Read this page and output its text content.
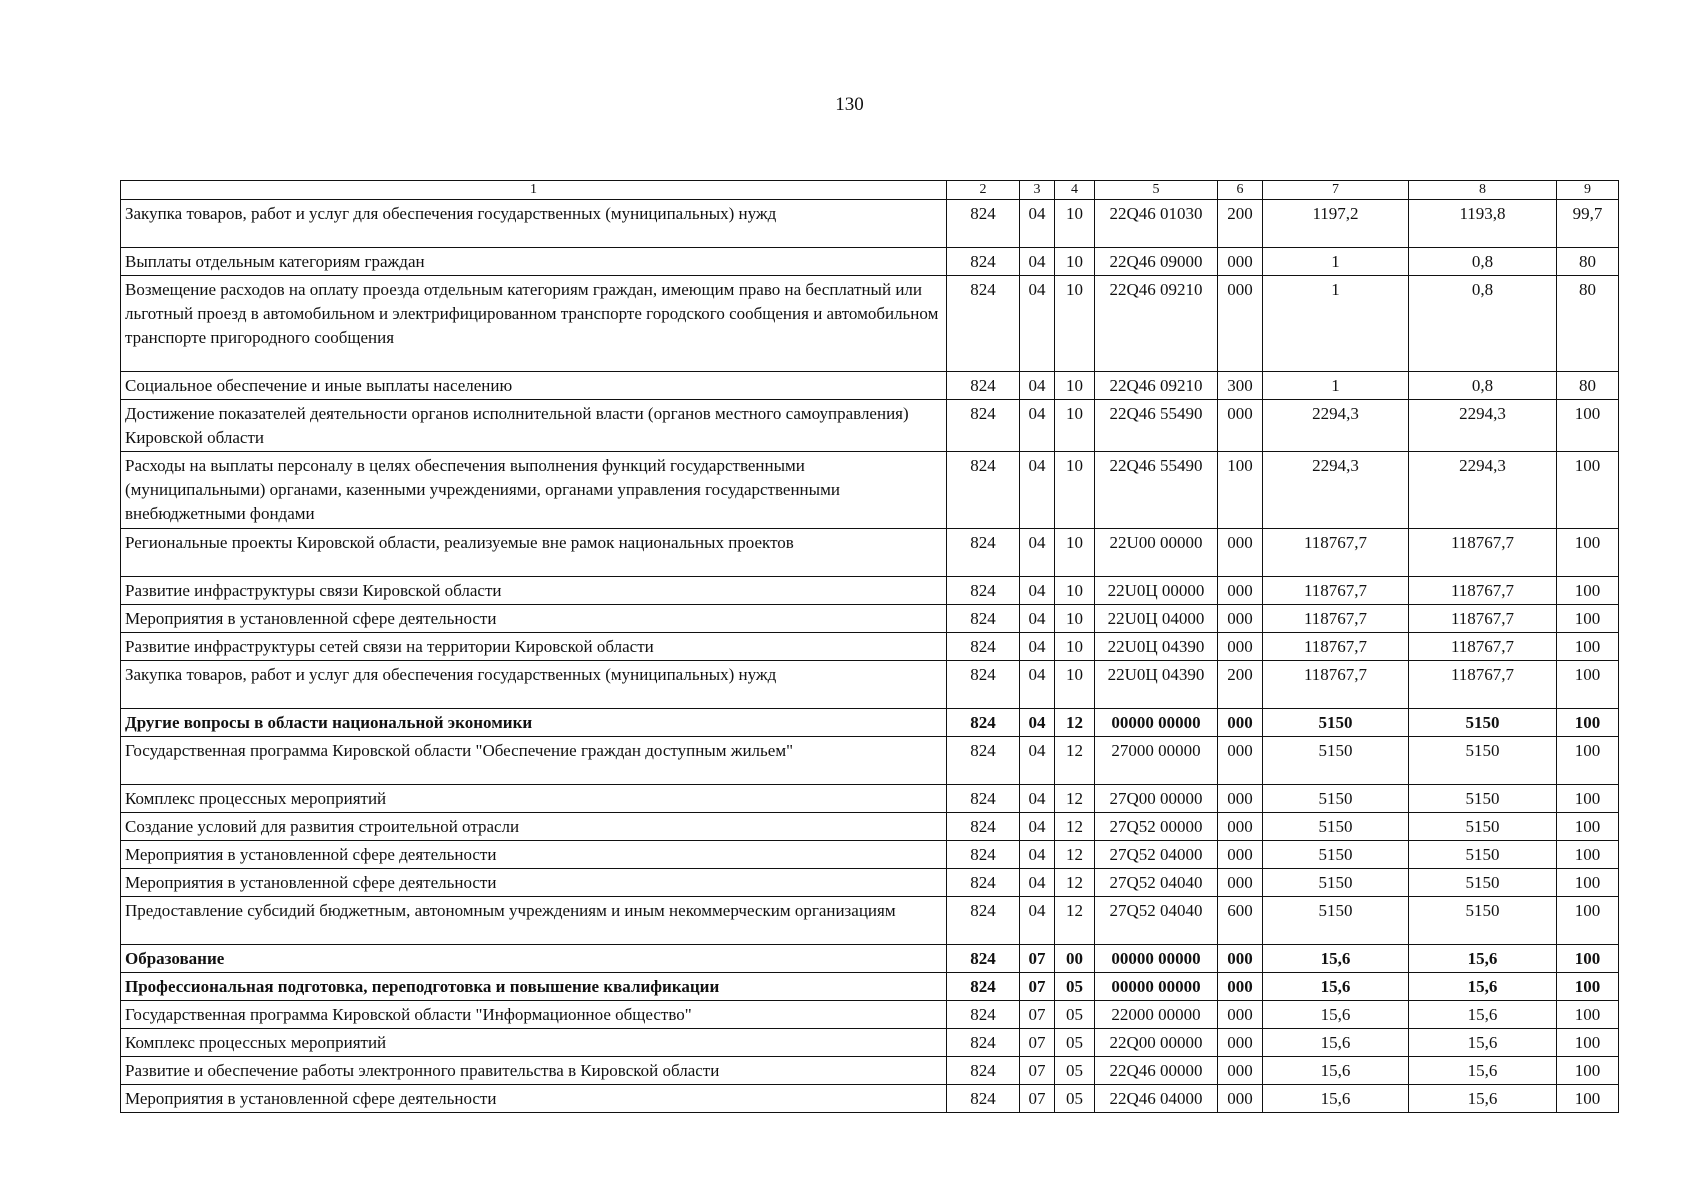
130
1	2	3	4	5	6	7	8	9
Закупка товаров, работ и услуг для обеспечения государственных (муниципальных) нужд	824	04	10	22Q46 01030	200	1197,2	1193,8	99,7
Выплаты отдельным категориям граждан	824	04	10	22Q46 09000	000	1	0,8	80
Возмещение расходов на оплату проезда отдельным категориям граждан, имеющим право на бесплатный или льготный проезд в автомобильном и электрифицированном транспорте городского сообщения и автомобильном транспорте пригородного сообщения	824	04	10	22Q46 09210	000	1	0,8	80
Социальное обеспечение и иные выплаты населению	824	04	10	22Q46 09210	300	1	0,8	80
Достижение показателей деятельности органов исполнительной власти (органов местного самоуправления) Кировской области	824	04	10	22Q46 55490	000	2294,3	2294,3	100
Расходы на выплаты персоналу в целях обеспечения выполнения функций государственными (муниципальными) органами, казенными учреждениями, органами управления государственными внебюджетными фондами	824	04	10	22Q46 55490	100	2294,3	2294,3	100
Региональные проекты Кировской области, реализуемые вне рамок национальных проектов	824	04	10	22U00 00000	000	118767,7	118767,7	100
Развитие инфраструктуры связи Кировской области	824	04	10	22U0Ц 00000	000	118767,7	118767,7	100
Мероприятия в установленной сфере деятельности	824	04	10	22U0Ц 04000	000	118767,7	118767,7	100
Развитие инфраструктуры сетей связи на территории Кировской области	824	04	10	22U0Ц 04390	000	118767,7	118767,7	100
Закупка товаров, работ и услуг для обеспечения государственных (муниципальных) нужд	824	04	10	22U0Ц 04390	200	118767,7	118767,7	100
Другие вопросы в области национальной экономики	824	04	12	00000 00000	000	5150	5150	100
Государственная программа Кировской области "Обеспечение граждан доступным жильем"	824	04	12	27000 00000	000	5150	5150	100
Комплекс процессных мероприятий	824	04	12	27Q00 00000	000	5150	5150	100
Создание условий для развития строительной отрасли	824	04	12	27Q52 00000	000	5150	5150	100
Мероприятия в установленной сфере деятельности	824	04	12	27Q52 04000	000	5150	5150	100
Мероприятия в установленной сфере деятельности	824	04	12	27Q52 04040	000	5150	5150	100
Предоставление субсидий бюджетным, автономным учреждениям и иным некоммерческим организациям	824	04	12	27Q52 04040	600	5150	5150	100
Образование	824	07	00	00000 00000	000	15,6	15,6	100
Профессиональная подготовка, переподготовка и повышение квалификации	824	07	05	00000 00000	000	15,6	15,6	100
Государственная программа Кировской области "Информационное общество"	824	07	05	22000 00000	000	15,6	15,6	100
Комплекс процессных мероприятий	824	07	05	22Q00 00000	000	15,6	15,6	100
Развитие и обеспечение работы электронного правительства в Кировской области	824	07	05	22Q46 00000	000	15,6	15,6	100
Мероприятия в установленной сфере деятельности	824	07	05	22Q46 04000	000	15,6	15,6	100
